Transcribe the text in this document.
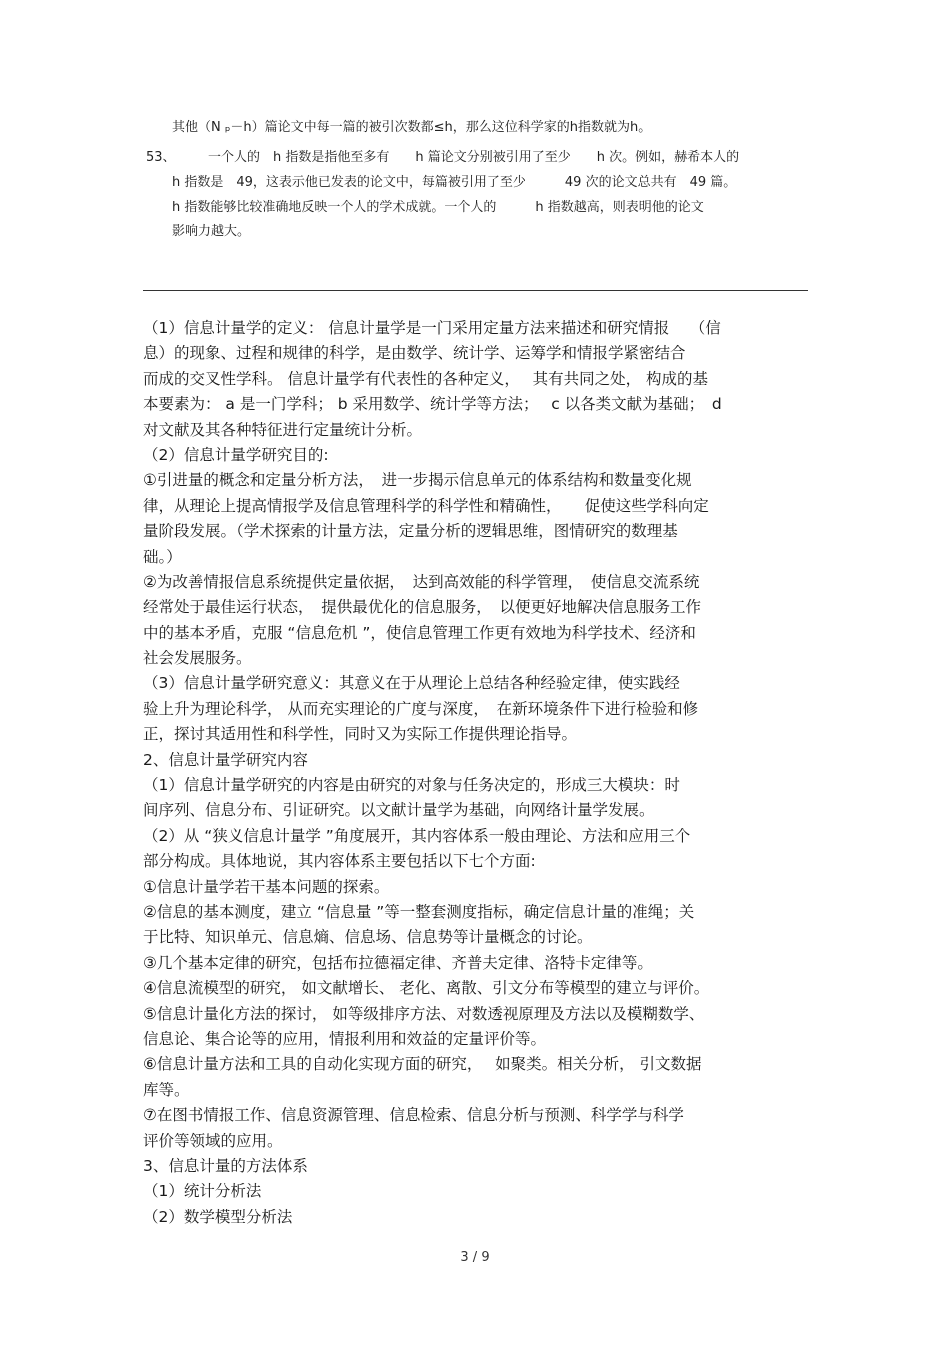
其他（N ₚ－h）篇论文中每一篇的被引次数都≤h，那么这位科学家的h指数就为h。
53、　　　一个人的　h 指数是指他至多有　　h 篇论文分别被引用了至少　　h 次。例如，赫希本人的
h 指数是　49，这表示他已发表的论文中，每篇被引用了至少　　　49 次的论文总共有　49 篇。
h 指数能够比较准确地反映一个人的学术成就。一个人的　　　h 指数越高，则表明他的论文
影响力越大。
（1）信息计量学的定义： 信息计量学是一门采用定量方法来描述和研究情报　 （信
息）的现象、过程和规律的科学，是由数学、统计学、运筹学和情报学紧密结合
而成的交叉性学科。 信息计量学有代表性的各种定义，　 其有共同之处， 构成的基
本要素为： a 是一门学科； b 采用数学、统计学等方法；　 c 以各类文献为基础；　d
对文献及其各种特征进行定量统计分析。
（2）信息计量学研究目的:
①引进量的概念和定量分析方法，　进一步揭示信息单元的体系结构和数量变化规
律，从理论上提高情报学及信息管理科学的科学性和精确性，　　促使这些学科向定
量阶段发展。（学术探索的计量方法，定量分析的逻辑思维，图情研究的数理基
础。）
②为改善情报信息系统提供定量依据，　达到高效能的科学管理，　使信息交流系统
经常处于最佳运行状态，　提供最优化的信息服务，　以便更好地解决信息服务工作
中的基本矛盾，克服 “信息危机 ”，使信息管理工作更有效地为科学技术、经济和
社会发展服务。
（3）信息计量学研究意义：其意义在于从理论上总结各种经验定律，使实践经
验上升为理论科学， 从而充实理论的广度与深度，　在新环境条件下进行检验和修
正，探讨其适用性和科学性，同时又为实际工作提供理论指导。
2、信息计量学研究内容
（1）信息计量学研究的内容是由研究的对象与任务决定的，形成三大模块：时
间序列、信息分布、引证研究。以文献计量学为基础，向网络计量学发展。
（2）从 “狭义信息计量学 ”角度展开，其内容体系一般由理论、方法和应用三个
部分构成。具体地说，其内容体系主要包括以下七个方面:
①信息计量学若干基本问题的探索。
②信息的基本测度，建立 “信息量 ”等一整套测度指标，确定信息计量的准绳；关
于比特、知识单元、信息熵、信息场、信息势等计量概念的讨论。
③几个基本定律的研究，包括布拉德福定律、齐普夫定律、洛特卡定律等。
④信息流模型的研究， 如文献增长、 老化、离散、引文分布等模型的建立与评价。
⑤信息计量化方法的探讨， 如等级排序方法、对数透视原理及方法以及模糊数学、
信息论、集合论等的应用，情报利用和效益的定量评价等。
⑥信息计量方法和工具的自动化实现方面的研究，　 如聚类。相关分析， 引文数据
库等。
⑦在图书情报工作、信息资源管理、信息检索、信息分析与预测、科学学与科学
评价等领域的应用。
3、信息计量的方法体系
（1）统计分析法
（2）数学模型分析法
3 / 9
